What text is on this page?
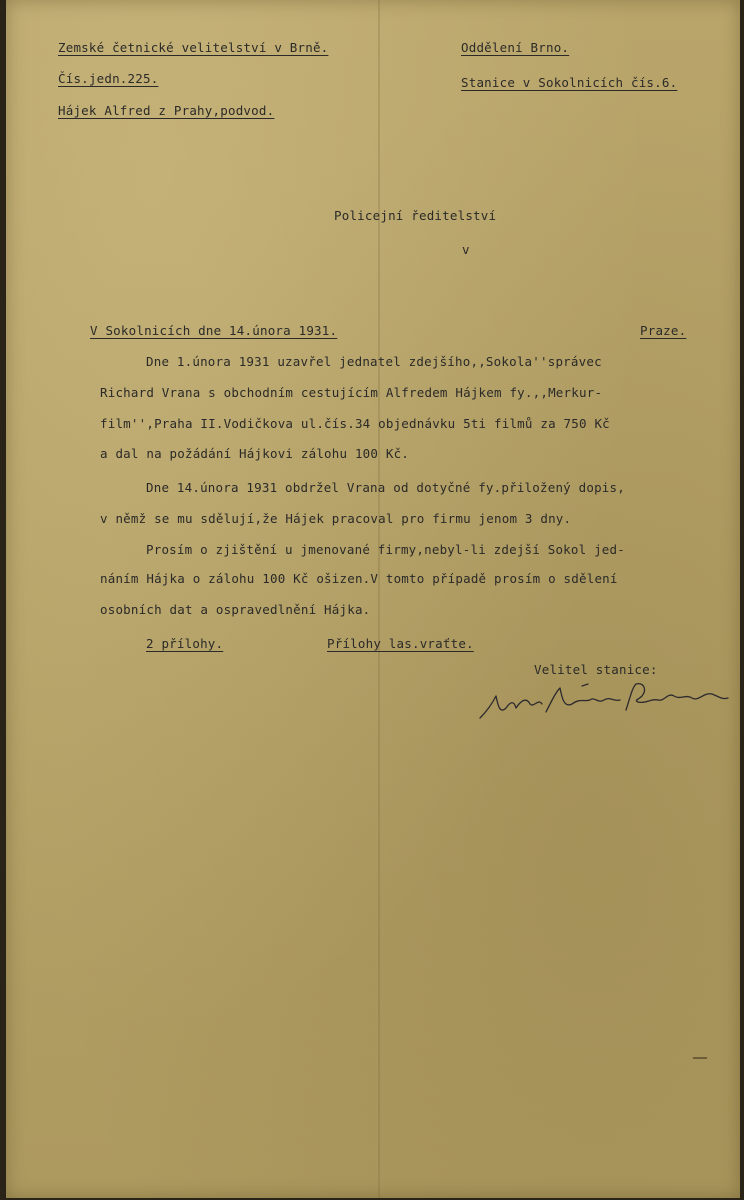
Zemské četnické velitelství v Brně.
Čís.jedn.225.
Hájek Alfred z Prahy,podvod.
Oddělení Brno.
Stanice v Sokolnicích čís.6.
Policejní ředitelství
v
V Sokolnicích dne 14.února 1931.	Praze.
Dne 1.února 1931 uzavřel jednatel zdejšího,,Sokola''správec
Richard Vrana s obchodním cestujícím Alfredem Hájkem fy.,,Merkur-
film'',Praha II.Vodičkova ul.čís.34 objednávku 5ti filmů za 750 Kč
a dal na požádání Hájkovi zálohu 100 Kč.
Dne 14.února 1931 obdržel Vrana od dotyčné fy.přiložený dopis,
v němž se mu sdělují,že Hájek pracoval pro firmu jenom 3 dny.
Prosím o zjištění u jmenované firmy,nebyl-li zdejší Sokol jed-
náním Hájka o zálohu 100 Kč ošizen.V tomto případě prosím o sdělení
osobních dat a ospravedlnění Hájka.
2 přílohy.	Přílohy las.vraťte.
Velitel stanice:
